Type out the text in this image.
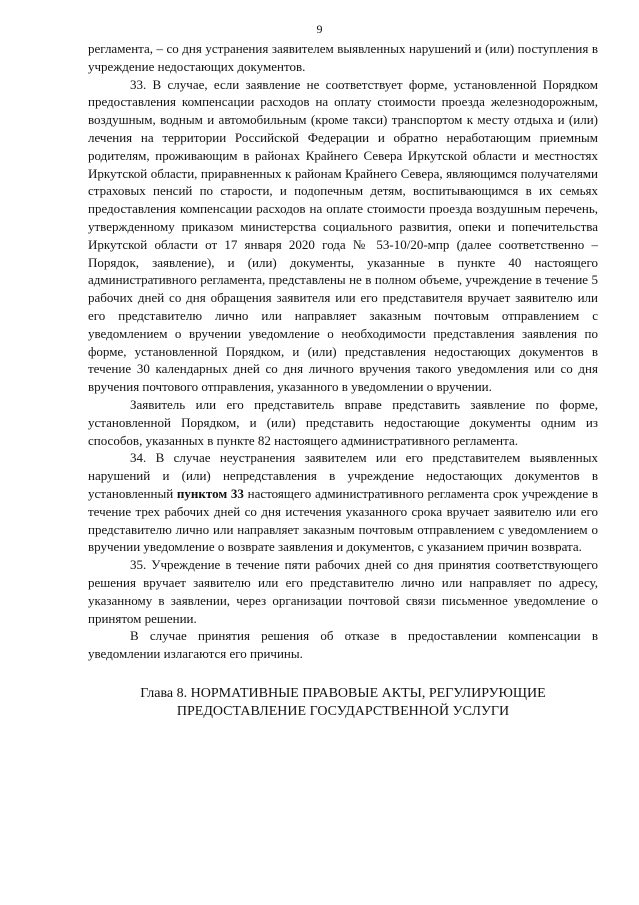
9

регламента, – со дня устранения заявителем выявленных нарушений и (или) поступления в учреждение недостающих документов.

33. В случае, если заявление не соответствует форме, установленной Порядком предоставления компенсации расходов на оплату стоимости проезда железнодорожным, воздушным, водным и автомобильным (кроме такси) транспортом к месту отдыха и (или) лечения на территории Российской Федерации и обратно неработающим приемным родителям, проживающим в районах Крайнего Севера Иркутской области и местностях Иркутской области, приравненных к районам Крайнего Севера, являющимся получателями страховых пенсий по старости, и подопечным детям, воспитывающимся в их семьях предоставления компенсации расходов на оплате стоимости проезда воздушным перечень, утвержденному приказом министерства социального развития, опеки и попечительства Иркутской области от 17 января 2020 года № 53-10/20-мпр (далее соответственно – Порядок, заявление), и (или) документы, указанные в пункте 40 настоящего административного регламента, представлены не в полном объеме, учреждение в течение 5 рабочих дней со дня обращения заявителя или его представителя вручает заявителю или его представителю лично или направляет заказным почтовым отправлением с уведомлением о вручении уведомление о необходимости представления заявления по форме, установленной Порядком, и (или) представления недостающих документов в течение 30 календарных дней со дня личного вручения такого уведомления или со дня вручения почтового отправления, указанного в уведомлении о вручении.

Заявитель или его представитель вправе представить заявление по форме, установленной Порядком, и (или) представить недостающие документы одним из способов, указанных в пункте 82 настоящего административного регламента.

34. В случае неустранения заявителем или его представителем выявленных нарушений и (или) непредставления в учреждение недостающих документов в установленный пунктом 33 настоящего административного регламента срок учреждение в течение трех рабочих дней со дня истечения указанного срока вручает заявителю или его представителю лично или направляет заказным почтовым отправлением с уведомлением о вручении уведомление о возврате заявления и документов, с указанием причин возврата.

35. Учреждение в течение пяти рабочих дней со дня принятия соответствующего решения вручает заявителю или его представителю лично или направляет по адресу, указанному в заявлении, через организации почтовой связи письменное уведомление о принятом решении.

В случае принятия решения об отказе в предоставлении компенсации в уведомлении излагаются его причины.

Глава 8. НОРМАТИВНЫЕ ПРАВОВЫЕ АКТЫ, РЕГУЛИРУЮЩИЕ
ПРЕДОСТАВЛЕНИЕ ГОСУДАРСТВЕННОЙ УСЛУГИ
